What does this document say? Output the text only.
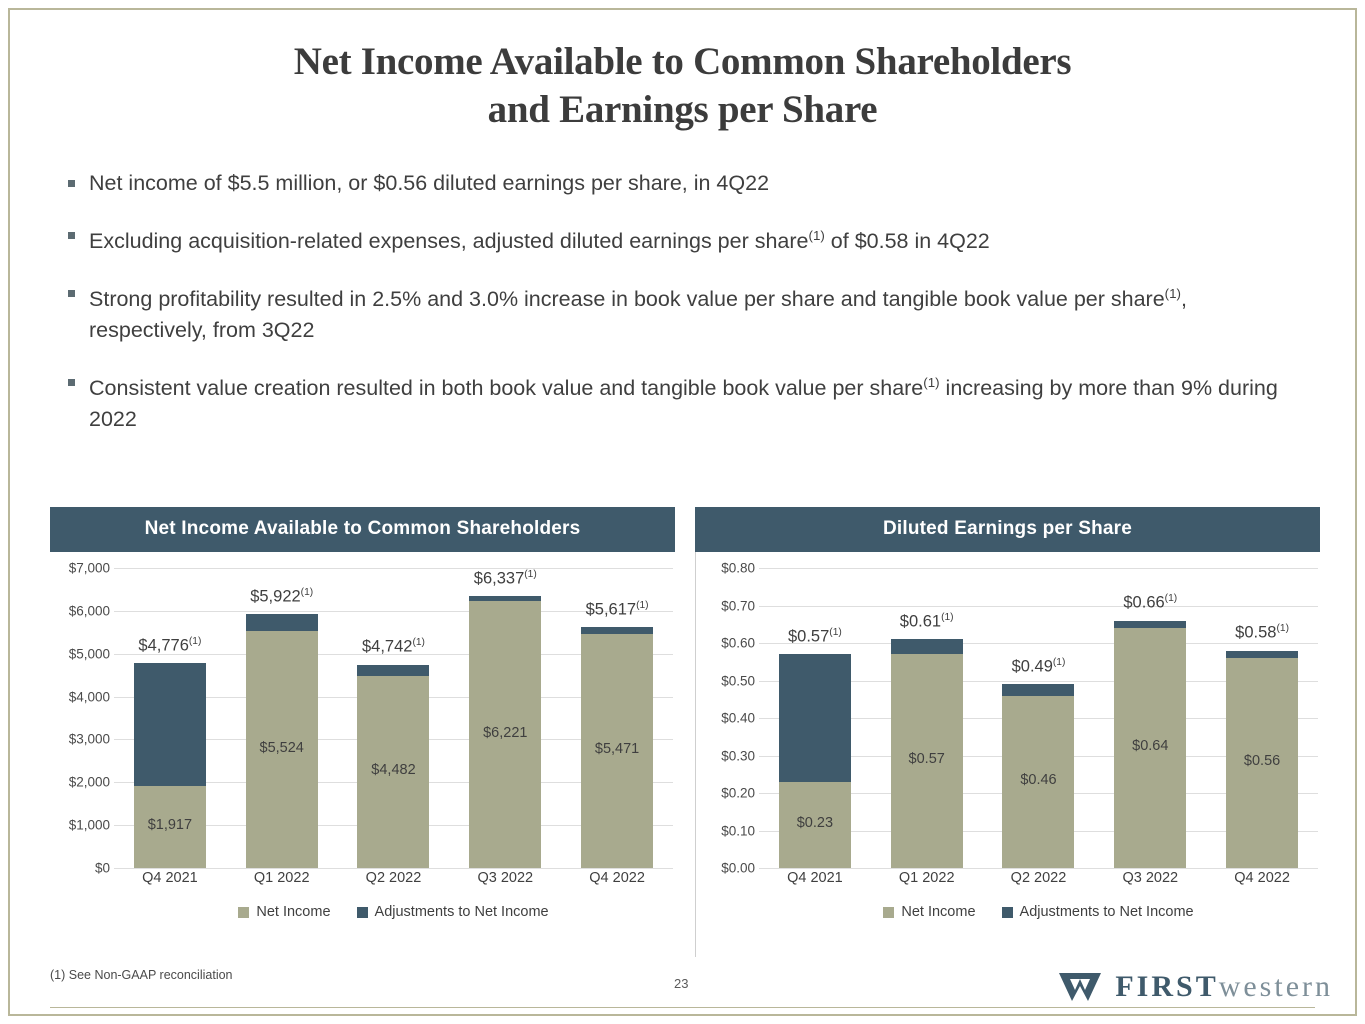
Net Income Available to Common Shareholders
and Earnings per Share
Net income of $5.5 million, or $0.56 diluted earnings per share, in 4Q22
Excluding acquisition-related expenses, adjusted diluted earnings per share$^{(1)}$ of $0.58 in 4Q22
Strong profitability resulted in 2.5% and 3.0% increase in book value per share and tangible book value per share$^{(1)}$, respectively, from 3Q22
Consistent value creation resulted in both book value and tangible book value per share$^{(1)}$ increasing by more than 9% during 2022
Net Income Available to Common Shareholders
$0
$1,000
$2,000
$3,000
$4,000
$5,000
$6,000
$7,000
$4,776$^{(1)}$
$1,917
$5,922$^{(1)}$
$5,524
$4,742$^{(1)}$
$4,482
$6,337$^{(1)}$
$6,221
$5,617$^{(1)}$
$5,471
Q4 2021	Q1 2022	Q2 2022	Q3 2022	Q4 2022
Net Income	Adjustments to Net Income
Diluted Earnings per Share
$0.00
$0.10
$0.20
$0.30
$0.40
$0.50
$0.60
$0.70
$0.80
$0.57$^{(1)}$
$0.23
$0.61$^{(1)}$
$0.57
$0.49$^{(1)}$
$0.46
$0.66$^{(1)}$
$0.64
$0.58$^{(1)}$
$0.56
Q4 2021	Q1 2022	Q2 2022	Q3 2022	Q4 2022
Net Income	Adjustments to Net Income
(1) See Non-GAAP reconciliation
23	FIRSTwestern
